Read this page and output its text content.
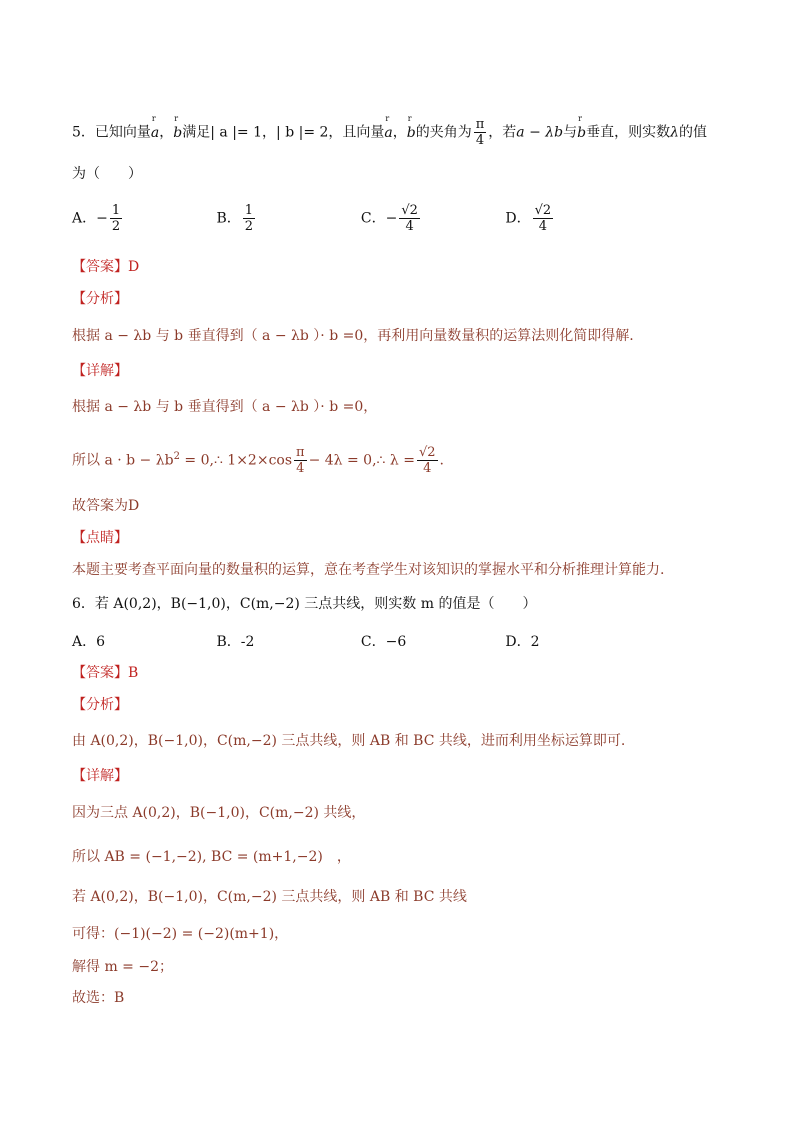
5．已知向量
r
a，
r
b满足| a |= 1，| b |= 2，且向量
r
a，
r
b的夹角为 $\frac{\pi}{4}$ ，若a − λb与
r
b垂直，则实数λ的值
为（　　）
A．− $\frac{1}{2}$	B． $\frac{1}{2}$	C．− $\frac{√2}{4}$	D． $\frac{√2}{4}$
【答案】D
【分析】
根据 a − λb 与 b 垂直得到（ a − λb ）· b =0，再利用向量数量积的运算法则化简即得解.
【详解】
根据 a − λb 与 b 垂直得到（ a − λb ）· b =0，
所以 $a \cdot b - \lambda b^2$ = 0,∴ $1\times 2\times\cos \frac{\pi}{4} - 4\lambda$ = 0,∴ $\lambda = \frac{√2}{4}$ .
故答案为D
【点睛】
本题主要考查平面向量的数量积的运算，意在考查学生对该知识的掌握水平和分析推理计算能力.
6．若 A(0,2)，B(−1,0)，C(m,−2) 三点共线，则实数 m 的值是（　　）
A．6	B．-2	C．−6	D．2
【答案】B
【分析】
由 A(0,2)，B(−1,0)，C(m,−2) 三点共线，则 AB 和 BC 共线，进而利用坐标运算即可.
【详解】
因为三点 A(0,2)，B(−1,0)，C(m,−2) 共线，
所以 AB = (−1,−2), BC = (m+1,−2)　，
若 A(0,2)，B(−1,0)，C(m,−2) 三点共线，则 AB 和 BC 共线
可得：(−1)(−2) = (−2)(m+1)，
解得 m = −2；
故选：B
